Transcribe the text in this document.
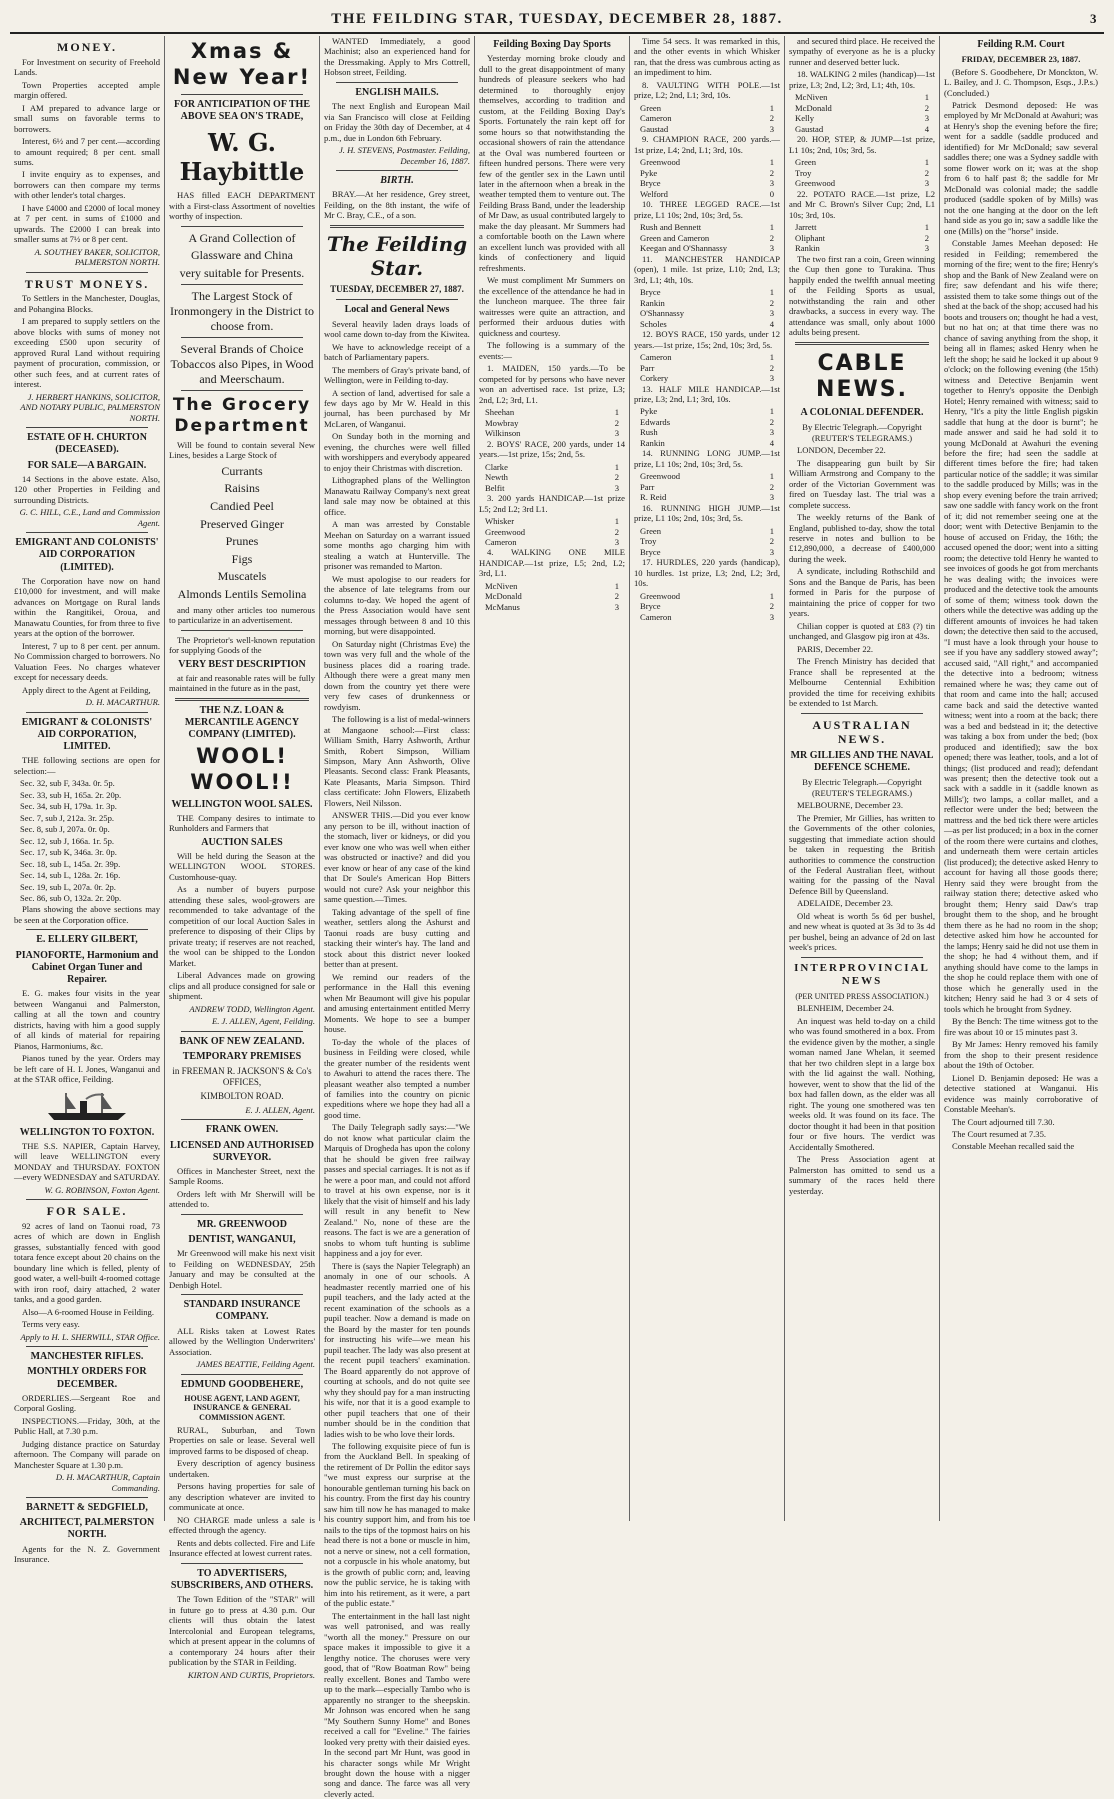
THE FEILDING STAR, TUESDAY, DECEMBER 28, 1887.	3
MONEY.

For Investment on security of Freehold Lands.

Town Properties accepted ample margin offered.

I AM prepared to advance large or small sums on favorable terms to borrowers.

Interest, 6½ and 7 per cent.—according to amount required; 8 per cent. small sums.

I invite enquiry as to expenses, and borrowers can then compare my terms with other lender's total charges.

I have £4000 and £2000 of local money at 7 per cent. in sums of £1000 and upwards. The £2000 I can break into smaller sums at 7½ or 8 per cent.

A. SOUTHEY BAKER, SOLICITOR, PALMERSTON NORTH.
TRUST MONEYS.

To Settlers in the Manchester, Douglas, and Pohangina Blocks.

I am prepared to supply settlers on the above blocks with sums of money not exceeding £500 upon security of approved Rural Land without requiring payment of procuration, commission, or other such fees, and at current rates of interest.

J. HERBERT HANKINS, SOLICITOR, AND NOTARY PUBLIC, PALMERSTON NORTH.
ESTATE OF H. CHURTON (DECEASED).
FOR SALE—A BARGAIN.

14 Sections in the above estate. Also, 120 other Properties in Feilding and surrounding Districts.

G. C. HILL, C.E., Land and Commission Agent.
EMIGRANT AND COLONISTS' AID CORPORATION (LIMITED).

The Corporation have now on hand £10,000 for investment, and will make advances on Mortgage on Rural lands within the Rangitikei, Oroua, and Manawatu Counties, for from three to five years at the option of the borrower.

Interest, 7 up to 8 per cent. per annum. No Commission charged to borrowers. No Valuation Fees. No charges whatever except for necessary deeds.

Apply direct to the Agent at Feilding,

D. H. MACARTHUR.
EMIGRANT & COLONISTS' AID CORPORATION, LIMITED.

THE following sections are open for selection:—

Sec. 32, sub F, 343a. 0r. 5p.
Sec. 33, sub H, 165a. 2r. 20p.
Sec. 34, sub H, 179a. 1r. 3p.
Sec. 7, sub J, 212a. 3r. 25p.
Sec. 8, sub J, 207a. 0r. 0p.
Sec. 12, sub J, 166a. 1r. 5p.
Sec. 17, sub K, 346a. 3r. 0p.
Sec. 18, sub L, 145a. 2r. 39p.
Sec. 14, sub L, 128a. 2r. 16p.
Sec. 19, sub L, 207a. 0r. 2p.
Sec. 86, sub O, 132a. 2r. 20p.

Plans showing the above sections may be seen at the Corporation office.

E. ELLERY GILBERT,
PIANOFORTE, Harmonium and Cabinet Organ Tuner and Repairer.

E. G. makes four visits in the year between Wanganui and Palmerston, calling at all the town and country districts, having with him a good supply of all kinds of material for repairing Pianos, Harmoniums, &c.

Pianos tuned by the year. Orders may be left care of H. I. Jones, Wanganui and at the STAR office, Feilding.

WELLINGTON TO FOXTON.

THE S.S. NAPIER, Captain Harvey, will leave WELLINGTON every MONDAY and THURSDAY. FOXTON—every WEDNESDAY and SATURDAY.

W. G. ROBINSON, Foxton Agent.
FOR SALE.

92 acres of land on Taonui road, 73 acres of which are down in English grasses, substantially fenced with good totara fence except about 20 chains on the boundary line which is felled, plenty of good water, a well-built 4-roomed cottage with iron roof, dairy attached, 2 water tanks, and a good garden.

Also—A 6-roomed House in Feilding.

Terms very easy.

Apply to H. L. SHERWILL, STAR Office.
MANCHESTER RIFLES.
MONTHLY ORDERS FOR DECEMBER.

ORDERLIES.—Sergeant Roe and Corporal Gosling.

INSPECTIONS.—Friday, 30th, at the Public Hall, at 7.30 p.m.

Judging distance practice on Saturday afternoon. The Company will parade on Manchester Square at 1.30 p.m.

D. H. MACARTHUR, Captain Commanding.
BARNETT & SEDGFIELD,
ARCHITECT, PALMERSTON NORTH.

Agents for the N. Z. Government Insurance.

Xmas & New Year!
FOR ANTICIPATION OF THE ABOVE SEA ON'S TRADE,
W. G. Haybittle

HAS filled EACH DEPARTMENT with a First-class Assortment of novelties worthy of inspection.

A Grand Collection of
Glassware and China
very suitable for Presents.
The Largest Stock of Ironmongery in the District to choose from.
Several Brands of Choice Tobaccos also Pipes, in Wood and Meerschaum.
The Grocery Department

Will be found to contain several New Lines, besides a Large Stock of

Currants
Raisins
Candied Peel
Preserved Ginger
Prunes
Figs
Muscatels
Almonds Lentils Semolina

and many other articles too numerous to particularize in an advertisement.

The Proprietor's well-known reputation for supplying Goods of the

VERY BEST DESCRIPTION

at fair and reasonable rates will be fully maintained in the future as in the past,

THE N.Z. LOAN & MERCANTILE AGENCY COMPANY (LIMITED).
WOOL! WOOL!!
WELLINGTON WOOL SALES.

THE Company desires to intimate to Runholders and Farmers that

AUCTION SALES

Will be held during the Season at the WELLINGTON WOOL STORES. Customhouse-quay.

As a number of buyers purpose attending these sales, wool-growers are recommended to take advantage of the competition of our local Auction Sales in preference to disposing of their Clips by private treaty; if reserves are not reached, the wool can be shipped to the London Market.

Liberal Advances made on growing clips and all produce consigned for sale or shipment.

ANDREW TODD, Wellington Agent.
E. J. ALLEN, Agent, Feilding.
BANK OF NEW ZEALAND.
TEMPORARY PREMISES
in FREEMAN R. JACKSON'S & Co's OFFICES,
KIMBOLTON ROAD.
E. J. ALLEN, Agent.
FRANK OWEN.
LICENSED AND AUTHORISED SURVEYOR.

Offices in Manchester Street, next the Sample Rooms.

Orders left with Mr Sherwill will be attended to.

MR. GREENWOOD
DENTIST, WANGANUI,

Mr Greenwood will make his next visit to Feilding on WEDNESDAY, 25th January and may be consulted at the Denbigh Hotel.

STANDARD INSURANCE COMPANY.

ALL Risks taken at Lowest Rates allowed by the Wellington Underwriters' Association.

JAMES BEATTIE, Feilding Agent.
EDMUND GOODBEHERE,
HOUSE AGENT, LAND AGENT, INSURANCE & GENERAL COMMISSION AGENT.

RURAL, Suburban, and Town Properties on sale or lease. Several well improved farms to be disposed of cheap.

Every description of agency business undertaken.

Persons having properties for sale of any description whatever are invited to communicate at once.

NO CHARGE made unless a sale is effected through the agency.

Rents and debts collected. Fire and Life Insurance effected at lowest current rates.

TO ADVERTISERS, SUBSCRIBERS, AND OTHERS.

The Town Edition of the "STAR" will in future go to press at 4.30 p.m. Our clients will thus obtain the latest Intercolonial and European telegrams, which at present appear in the columns of a contemporary 24 hours after their publication by the STAR in Feilding.

KIRTON AND CURTIS, Proprietors.

WANTED Immediately, a good Machinist; also an experienced hand for the Dressmaking. Apply to Mrs Cottrell, Hobson street, Feilding.

ENGLISH MAILS.

The next English and European Mail via San Francisco will close at Feilding on Friday the 30th day of December, at 4 p.m., due in London 6th February.

J. H. STEVENS, Postmaster. Feilding, December 16, 1887.
BIRTH.

BRAY.—At her residence, Grey street, Feilding, on the 8th instant, the wife of Mr C. Bray, C.E., of a son.

The Feilding Star.
TUESDAY, DECEMBER 27, 1887.
Local and General News

Several heavily laden drays loads of wool came down to-day from the Kiwitea.

We have to acknowledge receipt of a batch of Parliamentary papers.

The members of Gray's private band, of Wellington, were in Feilding to-day.

A section of land, advertised for sale a few days ago by Mr W. Heald in this journal, has been purchased by Mr McLaren, of Wanganui.

On Sunday both in the morning and evening, the churches were well filled with worshippers and everybody appeared to enjoy their Christmas with discretion.

Lithographed plans of the Wellington Manawatu Railway Company's next great land sale may now be obtained at this office.

A man was arrested by Constable Meehan on Saturday on a warrant issued some months ago charging him with stealing a watch at Hunterville. The prisoner was remanded to Marton.

We must apologise to our readers for the absence of late telegrams from our columns to-day. We hoped the agent of the Press Association would have sent messages through between 8 and 10 this morning, but were disappointed.

On Saturday night (Christmas Eve) the town was very full and the whole of the business places did a roaring trade. Although there were a great many men down from the country yet there were very few cases of drunkenness or rowdyism.

The following is a list of medal-winners at Mangaone school:—First class: William Smith, Harry Ashworth, Arthur Smith, Robert Simpson, William Simpson, Mary Ann Ashworth, Olive Pleasants. Second class: Frank Pleasants, Kate Pleasants, Maria Simpson. Third class certificate: John Flowers, Elizabeth Flowers, Neil Nilsson.

ANSWER THIS.—Did you ever know any person to be ill, without inaction of the stomach, liver or kidneys, or did you ever know one who was well when either was obstructed or inactive? and did you ever know or hear of any case of the kind that Dr Soule's American Hop Bitters would not cure? Ask your neighbor this same question.—Times.

Taking advantage of the spell of fine weather, settlers along the Ashurst and Taonui roads are busy cutting and stacking their winter's hay. The land and stock about this district never looked better than at present.

We remind our readers of the performance in the Hall this evening when Mr Beaumont will give his popular and amusing entertainment entitled Merry Moments. We hope to see a bumper house.

To-day the whole of the places of business in Feilding were closed, while the greater number of the residents went to Awahuri to attend the races there. The pleasant weather also tempted a number of families into the country on picnic expeditions where we hope they had all a good time.

The Daily Telegraph sadly says:—"We do not know what particular claim the Marquis of Drogheda has upon the colony that he should be given free railway passes and special carriages. It is not as if he were a poor man, and could not afford to travel at his own expense, nor is it likely that the visit of himself and his lady will result in any benefit to New Zealand." No, none of these are the reasons. The fact is we are a generation of snobs to whom tuft hunting is sublime happiness and a joy for ever.

There is (says the Napier Telegraph) an anomaly in one of our schools. A headmaster recently married one of his pupil teachers, and the lady acted at the recent examination of the schools as a pupil teacher. Now a demand is made on the Board by the master for ten pounds for instructing his wife—we mean his pupil teacher. The lady was also present at the recent pupil teachers' examination. The Board apparently do not approve of courting at schools, and do not quite see why they should pay for a man instructing his wife, nor that it is a good example to other pupil teachers that one of their number should be in the condition that ladies wish to be who love their lords.

The following exquisite piece of fun is from the Auckland Bell. In speaking of the retirement of Dr Pollin the editor says "we must express our surprise at the honourable gentleman turning his back on his country. From the first day his country saw him till now he has managed to make his country support him, and from his toe nails to the tips of the topmost hairs on his head there is not a bone or muscle in him, not a nerve or sinew, not a cell formation, not a corpuscle in his whole anatomy, but is the growth of public corn; and, leaving now the public service, he is taking with him into his retirement, as it were, a part of the public estate."

The entertainment in the hall last night was well patronised, and was really "worth all the money." Pressure on our space makes it impossible to give it a lengthy notice. The choruses were very good, that of "Row Boatman Row" being really excellent. Bones and Tambo were up to the mark—especially Tambo who is apparently no stranger to the sheepskin. Mr Johnson was encored when he sang "My Southern Sunny Home" and Bones received a call for "Eveline." The fairies looked very pretty with their daisied eyes. In the second part Mr Hunt, was good in his character songs while Mr Wright brought down the house with a nigger song and dance. The farce was all very cleverly acted.

Feilding Boxing Day Sports

Yesterday morning broke cloudy and dull to the great disappointment of many hundreds of pleasure seekers who had determined to thoroughly enjoy themselves, according to tradition and custom, at the Feilding Boxing Day's Sports. Fortunately the rain kept off for some hours so that notwithstanding the occasional showers of rain the attendance at the Oval was numbered fourteen or fifteen hundred persons. There were very few of the gentler sex in the Lawn until later in the afternoon when a break in the weather tempted them to venture out. The Feilding Brass Band, under the leadership of Mr Daw, as usual contributed largely to make the day pleasant. Mr Summers had a comfortable booth on the Lawn where an excellent lunch was provided with all kinds of confectionery and liquid refreshments.

We must compliment Mr Summers on the excellence of the attendance he had in the luncheon marquee. The three fair waitresses were quite an attraction, and performed their arduous duties with quickness and courtesy.

The following is a summary of the events:—

1. MAIDEN, 150 yards.—To be competed for by persons who have never won an advertised race. 1st prize, L3; 2nd, L2; 3rd, L1.

Sheehan	1
Mowbray	2
Wilkinson	3

2. BOYS' RACE, 200 yards, under 14 years.—1st prize, 15s; 2nd, 5s.

Clarke	1
Newth	2
Belfit	3

3. 200 yards HANDICAP.—1st prize L5; 2nd L2; 3rd L1.

Whisker	1
Greenwood	2
Cameron	3

4. WALKING ONE MILE HANDICAP.—1st prize, L5; 2nd, L2; 3rd, L1.

McNiven	1
McDonald	2
McManus	3

Time 54 secs. It was remarked in this, and the other events in which Whisker ran, that the dress was cumbrous acting as an impediment to him.

8. VAULTING WITH POLE.—1st prize, L2; 2nd, L1; 3rd, 10s.

Green	1
Cameron	2
Gaustad	3

9. CHAMPION RACE, 200 yards.—1st prize, L4; 2nd, L1; 3rd, 10s.

Greenwood	1
Pyke	2
Bryce	3
Welford	0

10. THREE LEGGED RACE.—1st prize, L1 10s; 2nd, 10s; 3rd, 5s.

Rush and Bennett	1
Green and Cameron	2
Keegan and O'Shannassy	3

11. MANCHESTER HANDICAP (open), 1 mile. 1st prize, L10; 2nd, L3; 3rd, L1; 4th, 10s.

Bryce	1
Rankin	2
O'Shannassy	3
Scholes	4

12. BOYS RACE, 150 yards, under 12 years.—1st prize, 15s; 2nd, 10s; 3rd, 5s.

Cameron	1
Parr	2
Corkery	3

13. HALF MILE HANDICAP.—1st prize, L3; 2nd, L1; 3rd, 10s.

Pyke	1
Edwards	2
Rush	3
Rankin	4

14. RUNNING LONG JUMP.—1st prize, L1 10s; 2nd, 10s; 3rd, 5s.

Greenwood	1
Parr	2
R. Reid	3

16. RUNNING HIGH JUMP.—1st prize, L1 10s; 2nd, 10s; 3rd, 5s.

Green	1
Troy	2
Bryce	3

17. HURDLES, 220 yards (handicap), 10 hurdles. 1st prize, L3; 2nd, L2; 3rd, 10s.

Greenwood	1
Bryce	2
Cameron	3

and secured third place. He received the sympathy of everyone as he is a plucky runner and deserved better luck.

18. WALKING 2 miles (handicap)—1st prize, L3; 2nd, L2; 3rd, L1; 4th, 10s.

McNiven	1
McDonald	2
Kelly	3
Gaustad	4

20. HOP, STEP, & JUMP—1st prize, L1 10s; 2nd, 10s; 3rd, 5s.

Green	1
Troy	2
Greenwood	3

22. POTATO RACE.—1st prize, L2 and Mr C. Brown's Silver Cup; 2nd, L1 10s; 3rd, 10s.

Jarrett	1
Oliphant	2
Rankin	3

The two first ran a coin, Green winning the Cup then gone to Turakina. Thus happily ended the twelfth annual meeting of the Feilding Sports as usual, notwithstanding the rain and other drawbacks, a success in every way. The attendance was small, only about 1000 adults being present.

CABLE NEWS.
A COLONIAL DEFENDER.
By Electric Telegraph.—Copyright (REUTER'S TELEGRAMS.)

LONDON, December 22.

The disappearing gun built by Sir William Armstrong and Company to the order of the Victorian Government was fired on Tuesday last. The trial was a complete success.

The weekly returns of the Bank of England, published to-day, show the total reserve in notes and bullion to be £12,890,000, a decrease of £400,000 during the week.

A syndicate, including Rothschild and Sons and the Banque de Paris, has been formed in Paris for the purpose of maintaining the price of copper for two years.

Chilian copper is quoted at £83 (?) tin unchanged, and Glasgow pig iron at 43s.

PARIS, December 22.

The French Ministry has decided that France shall be represented at the Melbourne Centennial Exhibition provided the time for receiving exhibits be extended to 1st March.

AUSTRALIAN NEWS.
MR GILLIES AND THE NAVAL DEFENCE SCHEME.
By Electric Telegraph.—Copyright (REUTER'S TELEGRAMS.)

MELBOURNE, December 23.

The Premier, Mr Gillies, has written to the Governments of the other colonies, suggesting that immediate action should be taken in requesting the British authorities to commence the construction of the Federal Australian fleet, without waiting for the passing of the Naval Defence Bill by Queensland.

ADELAIDE, December 23.

Old wheat is worth 5s 6d per bushel, and new wheat is quoted at 3s 3d to 3s 4d per bushel, being an advance of 2d on last week's prices.

INTERPROVINCIAL NEWS
(PER UNITED PRESS ASSOCIATION.)

BLENHEIM, December 24.

An inquest was held to-day on a child who was found smothered in a box. From the evidence given by the mother, a single woman named Jane Whelan, it seemed that her two children slept in a large box with the lid against the wall. Nothing, however, went to show that the lid of the box had fallen down, as the elder was all right. The young one smothered was ten weeks old. It was found on its face. The doctor thought it had been in that position four or five hours. The verdict was Accidentally Smothered.

The Press Association agent at Palmerston has omitted to send us a summary of the races held there yesterday.

Feilding R.M. Court
FRIDAY, DECEMBER 23, 1887.

(Before S. Goodbehere, Dr Monckton, W. L. Bailey, and J. C. Thompson, Esqs., J.P.s.) (Concluded.)

Patrick Desmond deposed: He was employed by Mr McDonald at Awahuri; was at Henry's shop the evening before the fire; went for a saddle (saddle produced and identified) for Mr McDonald; saw several saddles there; one was a Sydney saddle with some flower work on it; was at the shop from 6 to half past 8; the saddle for Mr McDonald was colonial made; the saddle produced (saddle spoken of by Mills) was not the one hanging at the door on the left hand side as you go in; saw a saddle like the one (Mills) on the "horse" inside.

Constable James Meehan deposed: He resided in Feilding; remembered the morning of the fire; went to the fire; Henry's shop and the Bank of New Zealand were on fire; saw defendant and his wife there; assisted them to take some things out of the shed at the back of the shop; accused had his boots and trousers on; thought he had a vest, but no hat on; at that time there was no chance of saving anything from the shop, it being all in flames; asked Henry when he left the shop; he said he locked it up about 9 o'clock; on the following evening (the 15th) witness and Detective Benjamin went together to Henry's opposite the Denbigh Hotel; Henry remained with witness; said to Henry, "It's a pity the little English pigskin saddle that hung at the door is burnt"; he made answer and said he had sold it to young McDonald at Awahuri the evening before the fire; had seen the saddle at different times before the fire; had taken particular notice of the saddle; it was similar to the saddle produced by Mills; was in the shop every evening before the train arrived; saw one saddle with fancy work on the front of it; did not remember seeing one at the door; went with Detective Benjamin to the house of accused on Friday, the 16th; the accused opened the door; went into a sitting room; the detective told Henry he wanted to see invoices of goods he got from merchants he was dealing with; the invoices were produced and the detective took the amounts of some of them; witness took down the others while the detective was adding up the different amounts of invoices he had taken down; the detective then said to the accused, "I must have a look through your house to see if you have any saddlery stowed away"; accused said, "All right," and accompanied the detective into a bedroom; witness remained where he was; they came out of that room and came into the hall; accused came back and said the detective wanted witness; went into a room at the back; there was a bed and bedstead in it; the detective was taking a box from under the bed; (box produced and identified); saw the box opened; there was leather, tools, and a lot of things; (list produced and read); defendant was present; then the detective took out a sack with a saddle in it (saddle known as Mills'); two lamps, a collar mallet, and a reflector were under the bed; between the mattress and the bed tick there were articles—as per list produced; in a box in the corner of the room there were curtains and clothes, and underneath them were certain articles (list produced); the detective asked Henry to account for having all those goods there; Henry said they were brought from the railway station there; detective asked who brought them; Henry said Daw's trap brought them to the shop, and he brought them there as he had no room in the shop; detective asked him how he accounted for the lamps; Henry said he did not use them in the shop; he had 4 without them, and if anything should have come to the lamps in the shop he could replace them with one of those which he generally used in the kitchen; Henry said he had 3 or 4 sets of tools which he brought from Sydney.

By the Bench: The time witness got to the fire was about 10 or 15 minutes past 3.

By Mr James: Henry removed his family from the shop to their present residence about the 19th of October.

Lionel D. Benjamin deposed: He was a detective stationed at Wanganui. His evidence was mainly corroborative of Constable Meehan's.

The Court adjourned till 7.30.

The Court resumed at 7.35.

Constable Meehan recalled said the
